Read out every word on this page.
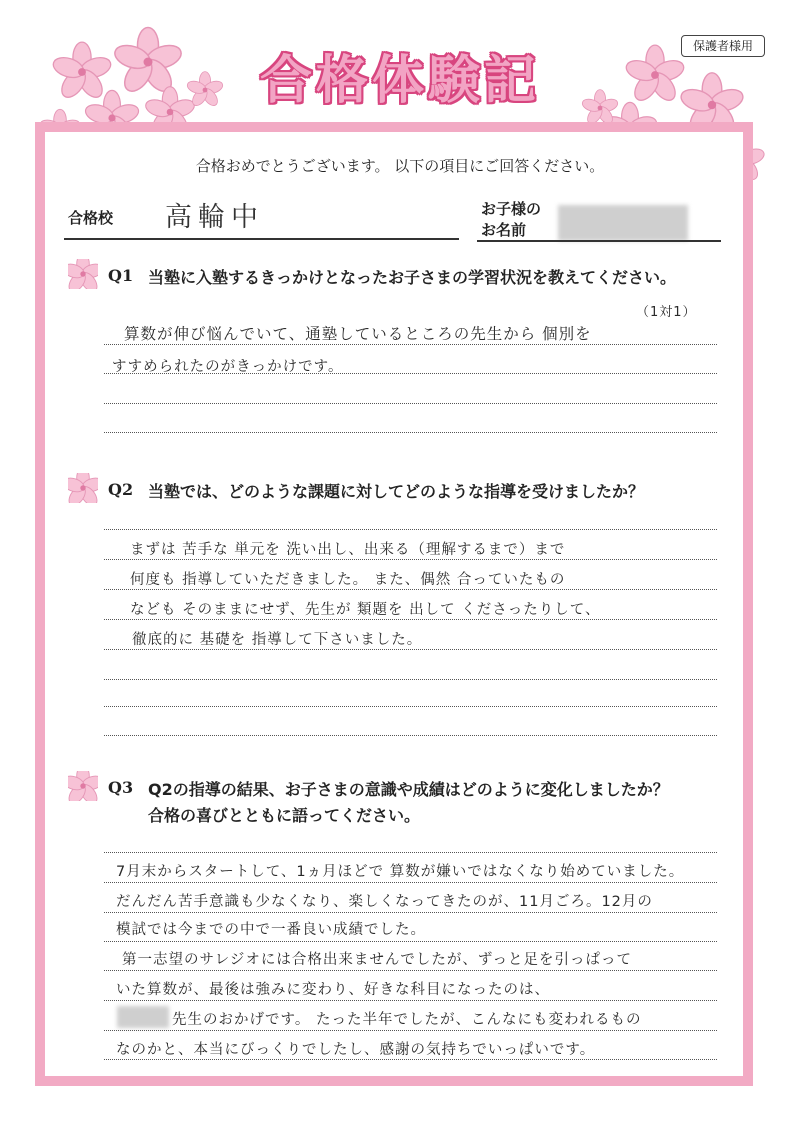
保護者様用
合格体験記
合格おめでとうございます。 以下の項目にご回答ください。
合格校 高輪中	お子様の
お名前
Q1 当塾に入塾するきっかけとなったお子さまの学習状況を教えてください。
（1対1）
算数が伸び悩んでいて、通塾しているところの先生から 個別を
すすめられたのがきっかけです。
Q2 当塾では、どのような課題に対してどのような指導を受けましたか？
まずは 苦手な 単元を 洗い出し、出来る（理解するまで）まで
何度も 指導していただきました。 また、偶然 合っていたもの
なども そのままにせず、先生が 類題を 出して くださったりして、
徹底的に 基礎を 指導して下さいました。
Q3 Q2の指導の結果、お子さまの意識や成績はどのように変化しましたか？
合格の喜びとともに語ってください。
7月末からスタートして、1ヵ月ほどで 算数が嫌いではなくなり始めていました。
だんだん苦手意識も少なくなり、楽しくなってきたのが、11月ごろ。12月の
模試では今までの中で一番良い成績でした。
第一志望のサレジオには合格出来ませんでしたが、ずっと足を引っぱって
いた算数が、最後は強みに変わり、好きな科目になったのは、
先生のおかげです。 たった半年でしたが、こんなにも変われるもの
なのかと、本当にびっくりでしたし、感謝の気持ちでいっぱいです。
